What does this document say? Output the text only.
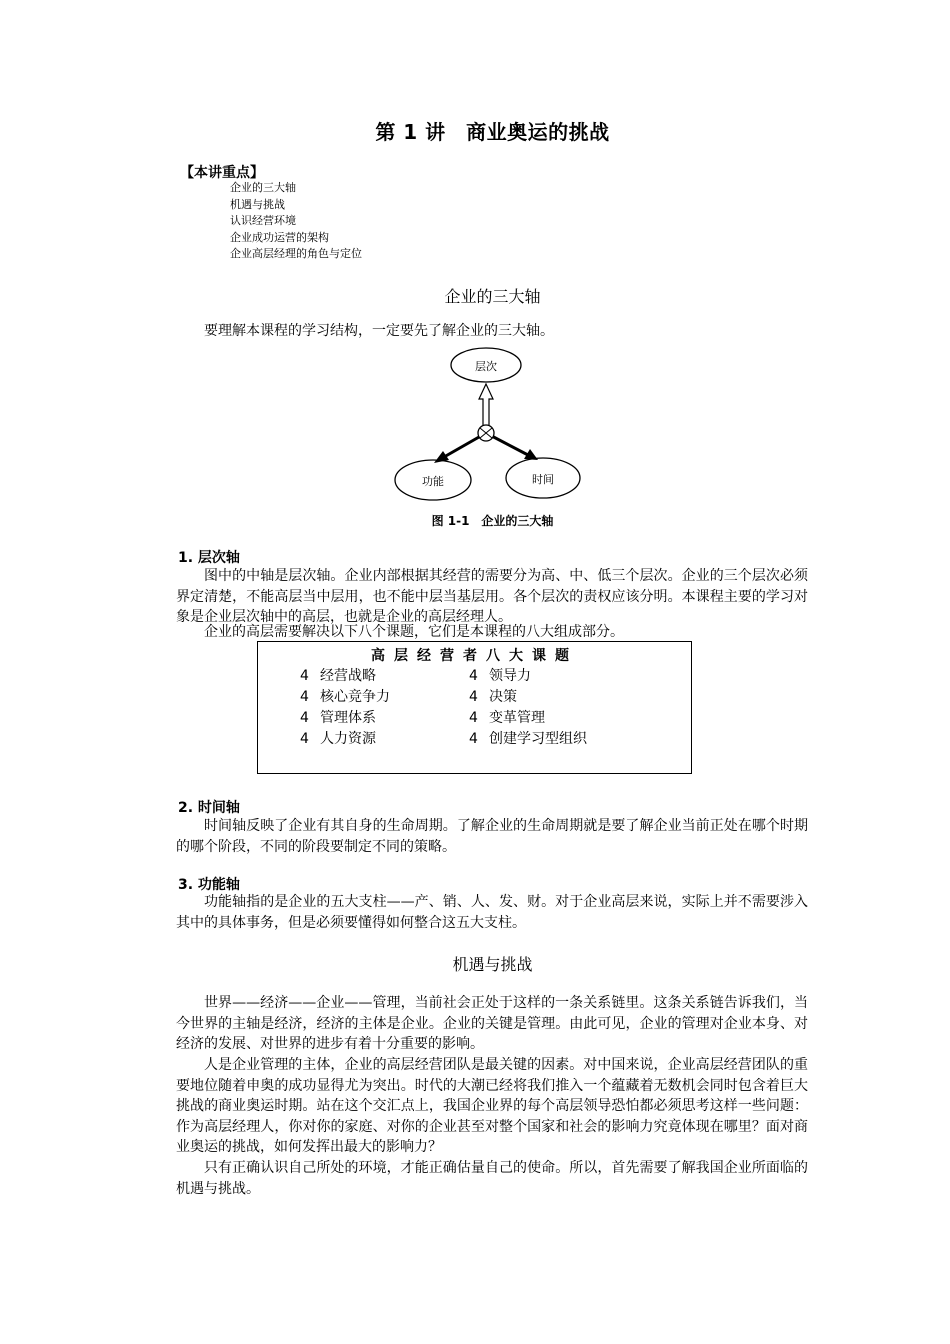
第 1 讲　商业奥运的挑战
【本讲重点】
企业的三大轴
机遇与挑战
认识经营环境
企业成功运营的架构
企业高层经理的角色与定位
企业的三大轴

要理解本课程的学习结构，一定要先了解企业的三大轴。

层次
功能	时间
图 1-1　企业的三大轴
1. 层次轴

图中的中轴是层次轴。企业内部根据其经营的需要分为高、中、低三个层次。企业的三个层次必须界定清楚，不能高层当中层用，也不能中层当基层用。各个层次的责权应该分明。本课程主要的学习对象是企业层次轴中的高层，也就是企业的高层经理人。

企业的高层需要解决以下八个课题，它们是本课程的八大组成部分。

高层经营者八大课题
4 经营战略
4 核心竞争力
4 管理体系
4 人力资源
4 领导力
4 决策
4 变革管理
4 创建学习型组织
2. 时间轴

时间轴反映了企业有其自身的生命周期。了解企业的生命周期就是要了解企业当前正处在哪个时期的哪个阶段，不同的阶段要制定不同的策略。

3. 功能轴

功能轴指的是企业的五大支柱——产、销、人、发、财。对于企业高层来说，实际上并不需要涉入其中的具体事务，但是必须要懂得如何整合这五大支柱。

机遇与挑战

世界——经济——企业——管理，当前社会正处于这样的一条关系链里。这条关系链告诉我们，当今世界的主轴是经济，经济的主体是企业。企业的关键是管理。由此可见，企业的管理对企业本身、对经济的发展、对世界的进步有着十分重要的影响。

人是企业管理的主体，企业的高层经营团队是最关键的因素。对中国来说，企业高层经营团队的重要地位随着申奥的成功显得尤为突出。时代的大潮已经将我们推入一个蕴藏着无数机会同时包含着巨大挑战的商业奥运时期。站在这个交汇点上，我国企业界的每个高层领导恐怕都必须思考这样一些问题：作为高层经理人，你对你的家庭、对你的企业甚至对整个国家和社会的影响力究竟体现在哪里？面对商业奥运的挑战，如何发挥出最大的影响力？

只有正确认识自己所处的环境，才能正确估量自己的使命。所以，首先需要了解我国企业所面临的机遇与挑战。
